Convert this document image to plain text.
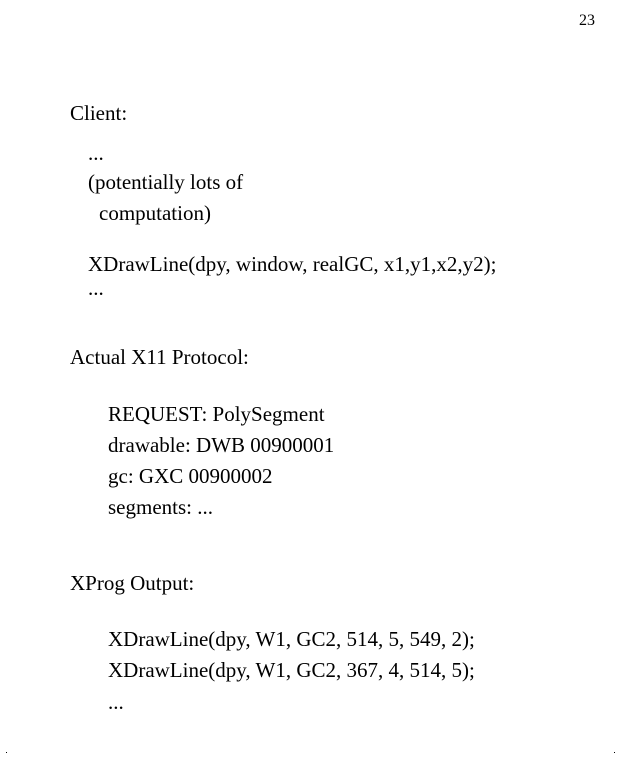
23
Client:
...
(potentially lots of
computation)
XDrawLine(dpy, window, realGC, x1,y1,x2,y2);
...
Actual X11 Protocol:
REQUEST: PolySegment
drawable: DWB 00900001
gc: GXC 00900002
segments: ...
XProg Output:
XDrawLine(dpy, W1, GC2, 514, 5, 549, 2);
XDrawLine(dpy, W1, GC2, 367, 4, 514, 5);
...
